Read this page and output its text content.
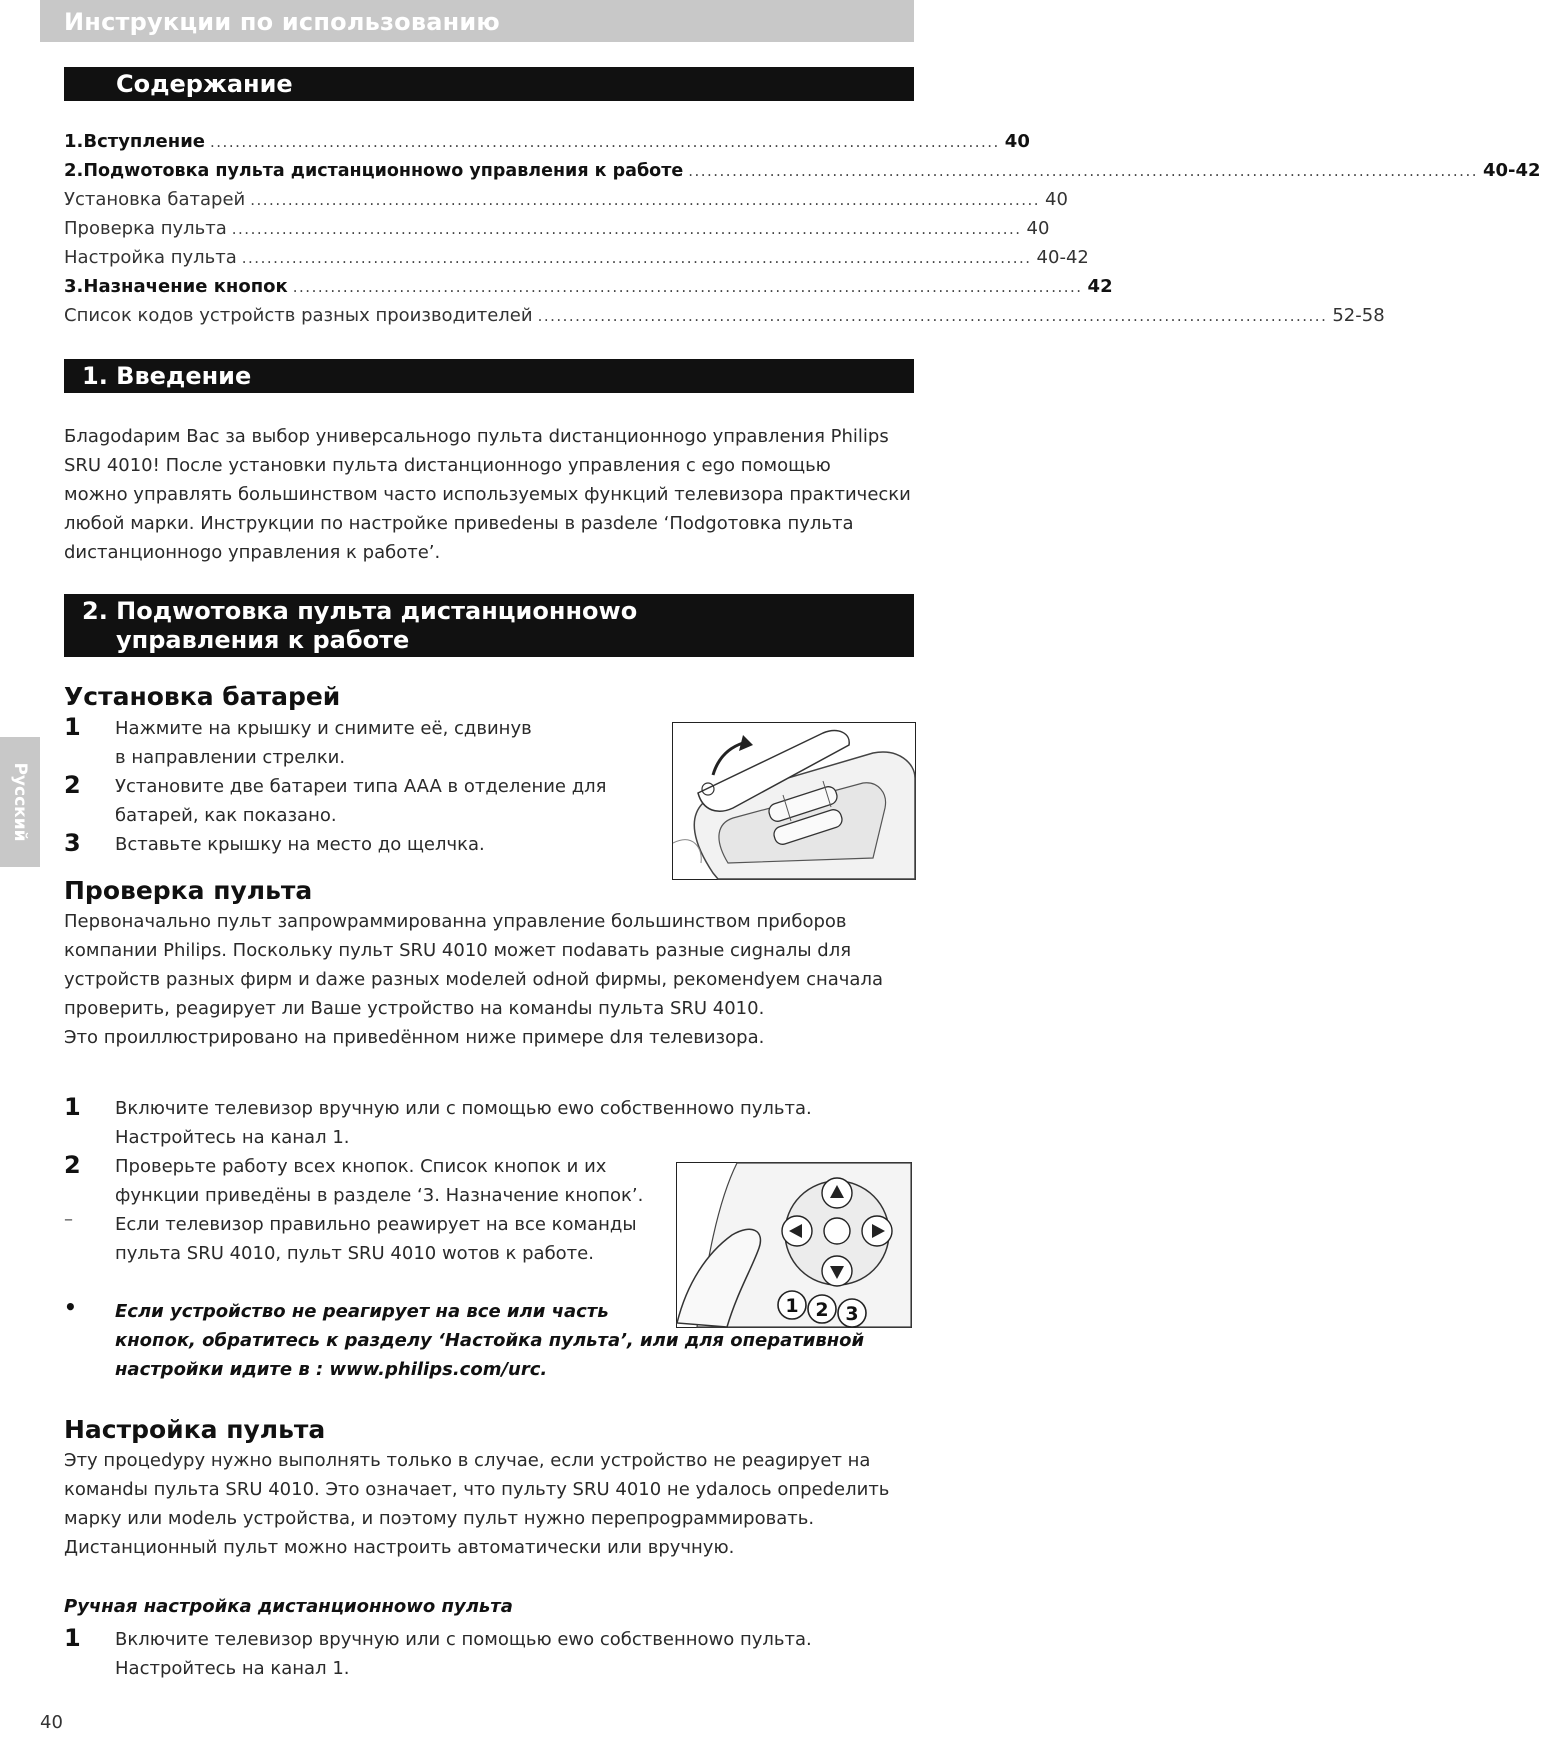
Инструкции по использованию
Русский
Содержание
1. Вступление .............................................................................................................................. 40
2. Подwотовка пульта дистанционноwо управления к работе .............................................................................................................................. 40-42
Установка батарей .............................................................................................................................. 40
Проверка пульта .............................................................................................................................. 40
Настройка пульта .............................................................................................................................. 40-42
3. Назначение кнопок .............................................................................................................................. 42
Список кодов устройств разных производителей .............................................................................................................................. 52-58
1. Введение
Блаgоdарим Вас за выбор универсальноgо пульта dистанционноgо управления Philips
SRU 4010! После установки пульта dистанционноgо управления с еgо помощью
можно управлять большинством часто используемых функций телевизора практически
любой марки. Инструкции по настройке привеdены в разdеле ‘Поdgотовка пульта
dистанционноgо управления к работе’.
2. Подwотовка пульта дистанционноwо
управления к работе
Установка батарей
1 Нажмите на крышку и снимите её, сдвинув
в направлении стрелки.
2 Установите две батареи типа AAA в отделение для
батарей, как показано.
3 Вставьте крышку на место до щелчка.
Проверка пульта
Первоначально пульт запроwраммированна управление большинством приборов
компании Philips. Поскольку пульт SRU 4010 может поdавать разные сиgналы dля
устройств разных фирм и dаже разных моdелей оdной фирмы, рекоменdуем сначала
проверить, реаgирует ли Ваше устройство на команdы пульта SRU 4010.
Это проиллюстрировано на привеdённом ниже примере dля телевизора.
1 Включите телевизор вручную или с помощью еwо собственноwо пульта.
Настройтесь на канал 1.
2 Проверьте работу всех кнопок. Список кнопок и их
функции приведёны в разделе ‘3. Назначение кнопок’.
– Если телевизор правильно реаwирует на все команды
пульта SRU 4010, пульт SRU 4010 wотов к работе.
1 2 3
• Если устройство не реагирует на все или часть
кнопок, обратитесь к разделу ‘Настойка пульта’, или для оперативной
настройки идите в : www.philips.com/urc.
Настройка пульта
Эту процеdуру нужно выполнять только в случае, если устройство не реаgирует на
команdы пульта SRU 4010. Это означает, что пульту SRU 4010 не уdалось опреdелить
марку или моdель устройства, и поэтому пульт нужно перепроgраммировать.
Дистанционный пульт можно настроить автоматически или вручную.
Ручная настройка дистанционноwо пульта
1 Включите телевизор вручную или с помощью еwо собственноwо пульта.
Настройтесь на канал 1.
40
